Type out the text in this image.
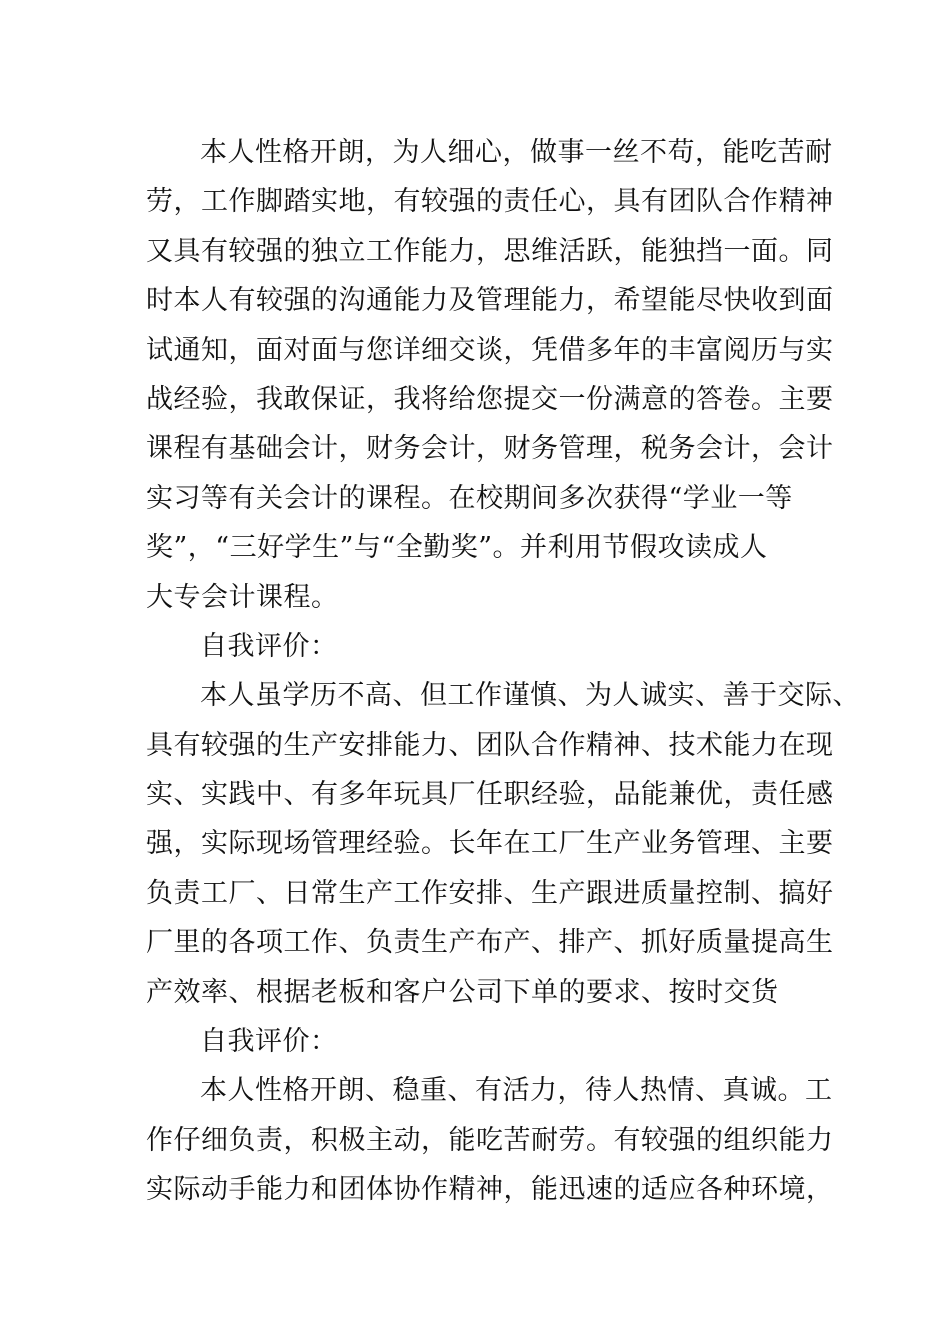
本人性格开朗，为人细心，做事一丝不苟，能吃苦耐
劳，工作脚踏实地，有较强的责任心，具有团队合作精神
又具有较强的独立工作能力，思维活跃，能独挡一面。同
时本人有较强的沟通能力及管理能力，希望能尽快收到面
试通知，面对面与您详细交谈，凭借多年的丰富阅历与实
战经验，我敢保证，我将给您提交一份满意的答卷。主要
课程有基础会计，财务会计，财务管理，税务会计，会计
实习等有关会计的课程。在校期间多次获得“学业一等
奖”，“三好学生”与“全勤奖”。并利用节假攻读成人
大专会计课程。
自我评价：
本人虽学历不高、但工作谨慎、为人诚实、善于交际、
具有较强的生产安排能力、团队合作精神、技术能力在现
实、实践中、有多年玩具厂任职经验，品能兼优，责任感
强，实际现场管理经验。长年在工厂生产业务管理、主要
负责工厂、日常生产工作安排、生产跟进质量控制、搞好
厂里的各项工作、负责生产布产、排产、抓好质量提高生
产效率、根据老板和客户公司下单的要求、按时交货
自我评价：
本人性格开朗、稳重、有活力，待人热情、真诚。工
作仔细负责，积极主动，能吃苦耐劳。有较强的组织能力
实际动手能力和团体协作精神，能迅速的适应各种环境，
